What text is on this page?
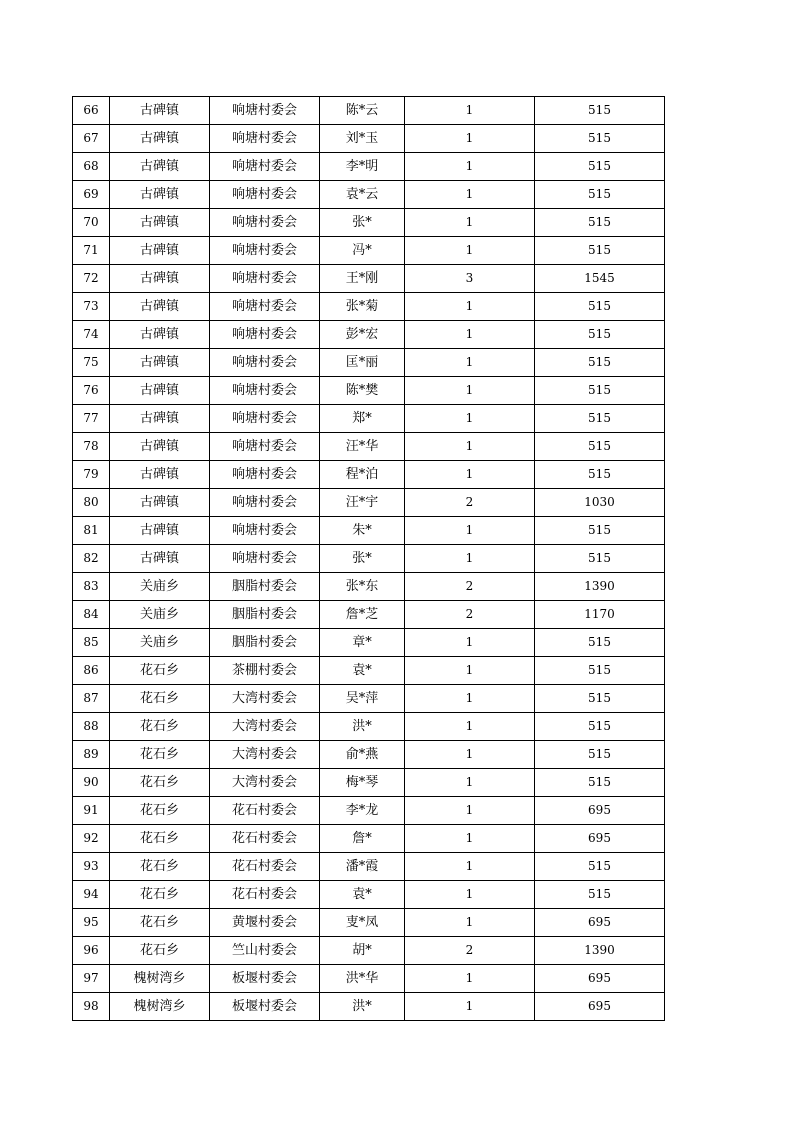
66	古碑镇	响塘村委会	陈*云	1	515
67	古碑镇	响塘村委会	刘*玉	1	515
68	古碑镇	响塘村委会	李*明	1	515
69	古碑镇	响塘村委会	袁*云	1	515
70	古碑镇	响塘村委会	张*	1	515
71	古碑镇	响塘村委会	冯*	1	515
72	古碑镇	响塘村委会	王*刚	3	1545
73	古碑镇	响塘村委会	张*菊	1	515
74	古碑镇	响塘村委会	彭*宏	1	515
75	古碑镇	响塘村委会	匡*丽	1	515
76	古碑镇	响塘村委会	陈*樊	1	515
77	古碑镇	响塘村委会	郑*	1	515
78	古碑镇	响塘村委会	汪*华	1	515
79	古碑镇	响塘村委会	程*泊	1	515
80	古碑镇	响塘村委会	汪*宇	2	1030
81	古碑镇	响塘村委会	朱*	1	515
82	古碑镇	响塘村委会	张*	1	515
83	关庙乡	胭脂村委会	张*东	2	1390
84	关庙乡	胭脂村委会	詹*芝	2	1170
85	关庙乡	胭脂村委会	章*	1	515
86	花石乡	茶棚村委会	袁*	1	515
87	花石乡	大湾村委会	吴*萍	1	515
88	花石乡	大湾村委会	洪*	1	515
89	花石乡	大湾村委会	俞*燕	1	515
90	花石乡	大湾村委会	梅*琴	1	515
91	花石乡	花石村委会	李*龙	1	695
92	花石乡	花石村委会	詹*	1	695
93	花石乡	花石村委会	潘*霞	1	515
94	花石乡	花石村委会	袁*	1	515
95	花石乡	黄堰村委会	叓*凤	1	695
96	花石乡	竺山村委会	胡*	2	1390
97	槐树湾乡	板堰村委会	洪*华	1	695
98	槐树湾乡	板堰村委会	洪*	1	695
